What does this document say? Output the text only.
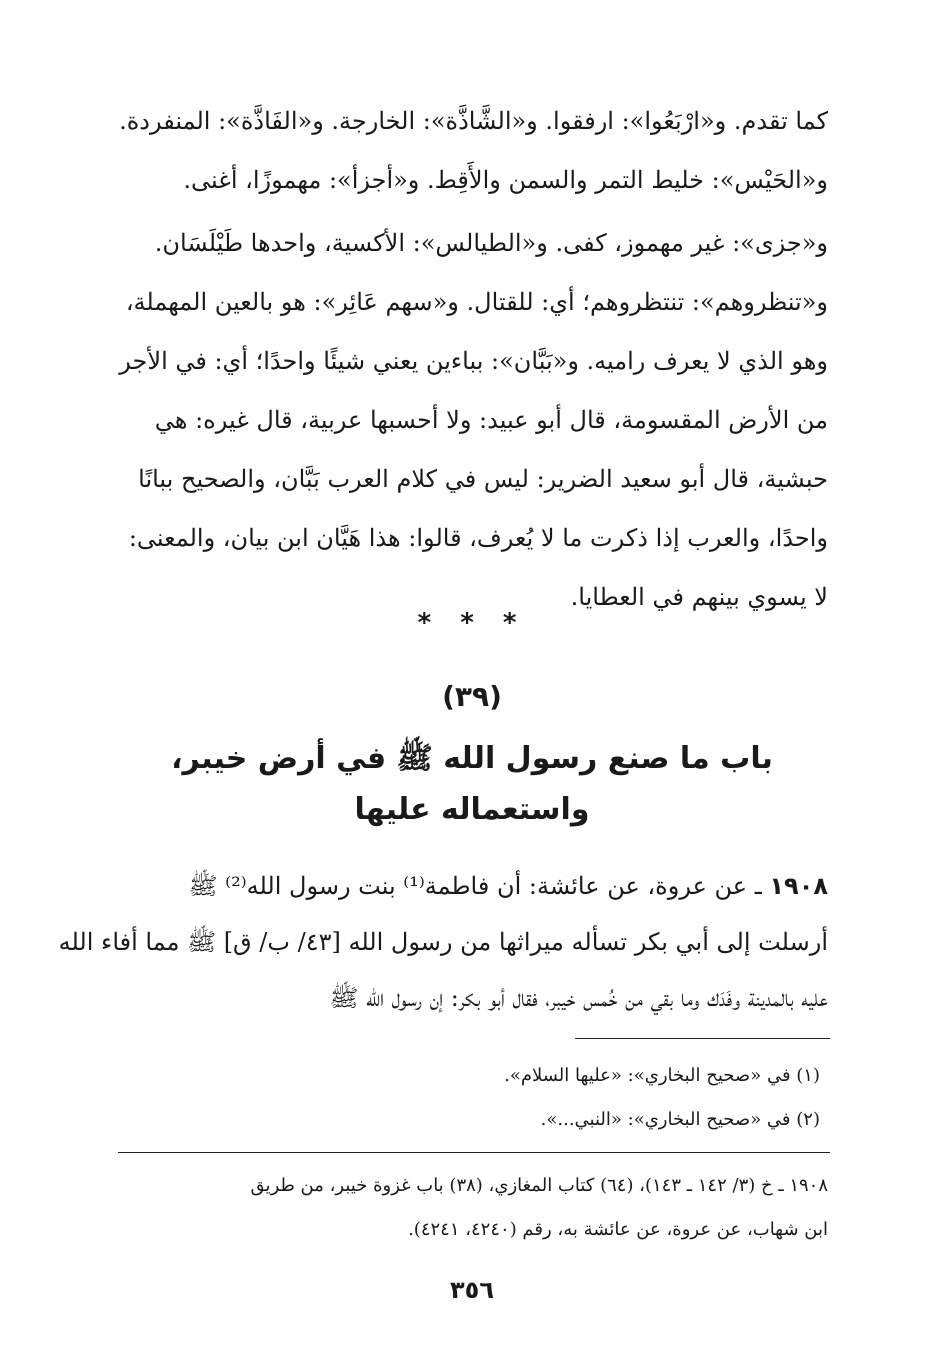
كما تقدم. و«ارْبَعُوا»: ارفقوا. و«الشَّاذَّة»: الخارجة. و«الفَاذَّة»: المنفردة.
و«الحَيْس»: خليط التمر والسمن والأَقِط. و«أجزأ»: مهموزًا، أغنى.
و«جزى»: غير مهموز، كفى. و«الطيالس»: الأكسية، واحدها طَيْلَسَان.
و«تنظروهم»: تنتظروهم؛ أي: للقتال. و«سهم عَائِر»: هو بالعين المهملة،
وهو الذي لا يعرف راميه. و«بَبَّان»: بباءين يعني شيئًا واحدًا؛ أي: في الأجر
من الأرض المقسومة، قال أبو عبيد: ولا أحسبها عربية، قال غيره: هي
حبشية، قال أبو سعيد الضرير: ليس في كلام العرب بَبَّان، والصحيح ببانًا
واحدًا، والعرب إذا ذكرت ما لا يُعرف، قالوا: هذا هَيَّان ابن بيان، والمعنى:
لا يسوي بينهم في العطايا.
* * *
(٣٩)
باب ما صنع رسول الله ﷺ في أرض خيبر،
واستعماله عليها
١٩٠٨ ـ عن عروة، عن عائشة: أن فاطمة⁽¹⁾ بنت رسول الله⁽²⁾ ﷺ
أرسلت إلى أبي بكر تسأله ميراثها من رسول الله [٤٣/ ب/ ق] ﷺ مما أفاء الله
عليه بالمدينة وفَدَك وما بقي من خُمس خيبر، فقال أبو بكر: إن رسول الله ﷺ
(١) في «صحيح البخاري»: «عليها السلام».
(٢) في «صحيح البخاري»: «النبي...».
١٩٠٨ ـ خ (٣/ ١٤٢ ـ ١٤٣)، (٦٤) كتاب المغازي، (٣٨) باب غزوة خيبر، من طريق
ابن شهاب، عن عروة، عن عائشة به، رقم (٤٢٤٠، ٤٢٤١).
٣٥٦
